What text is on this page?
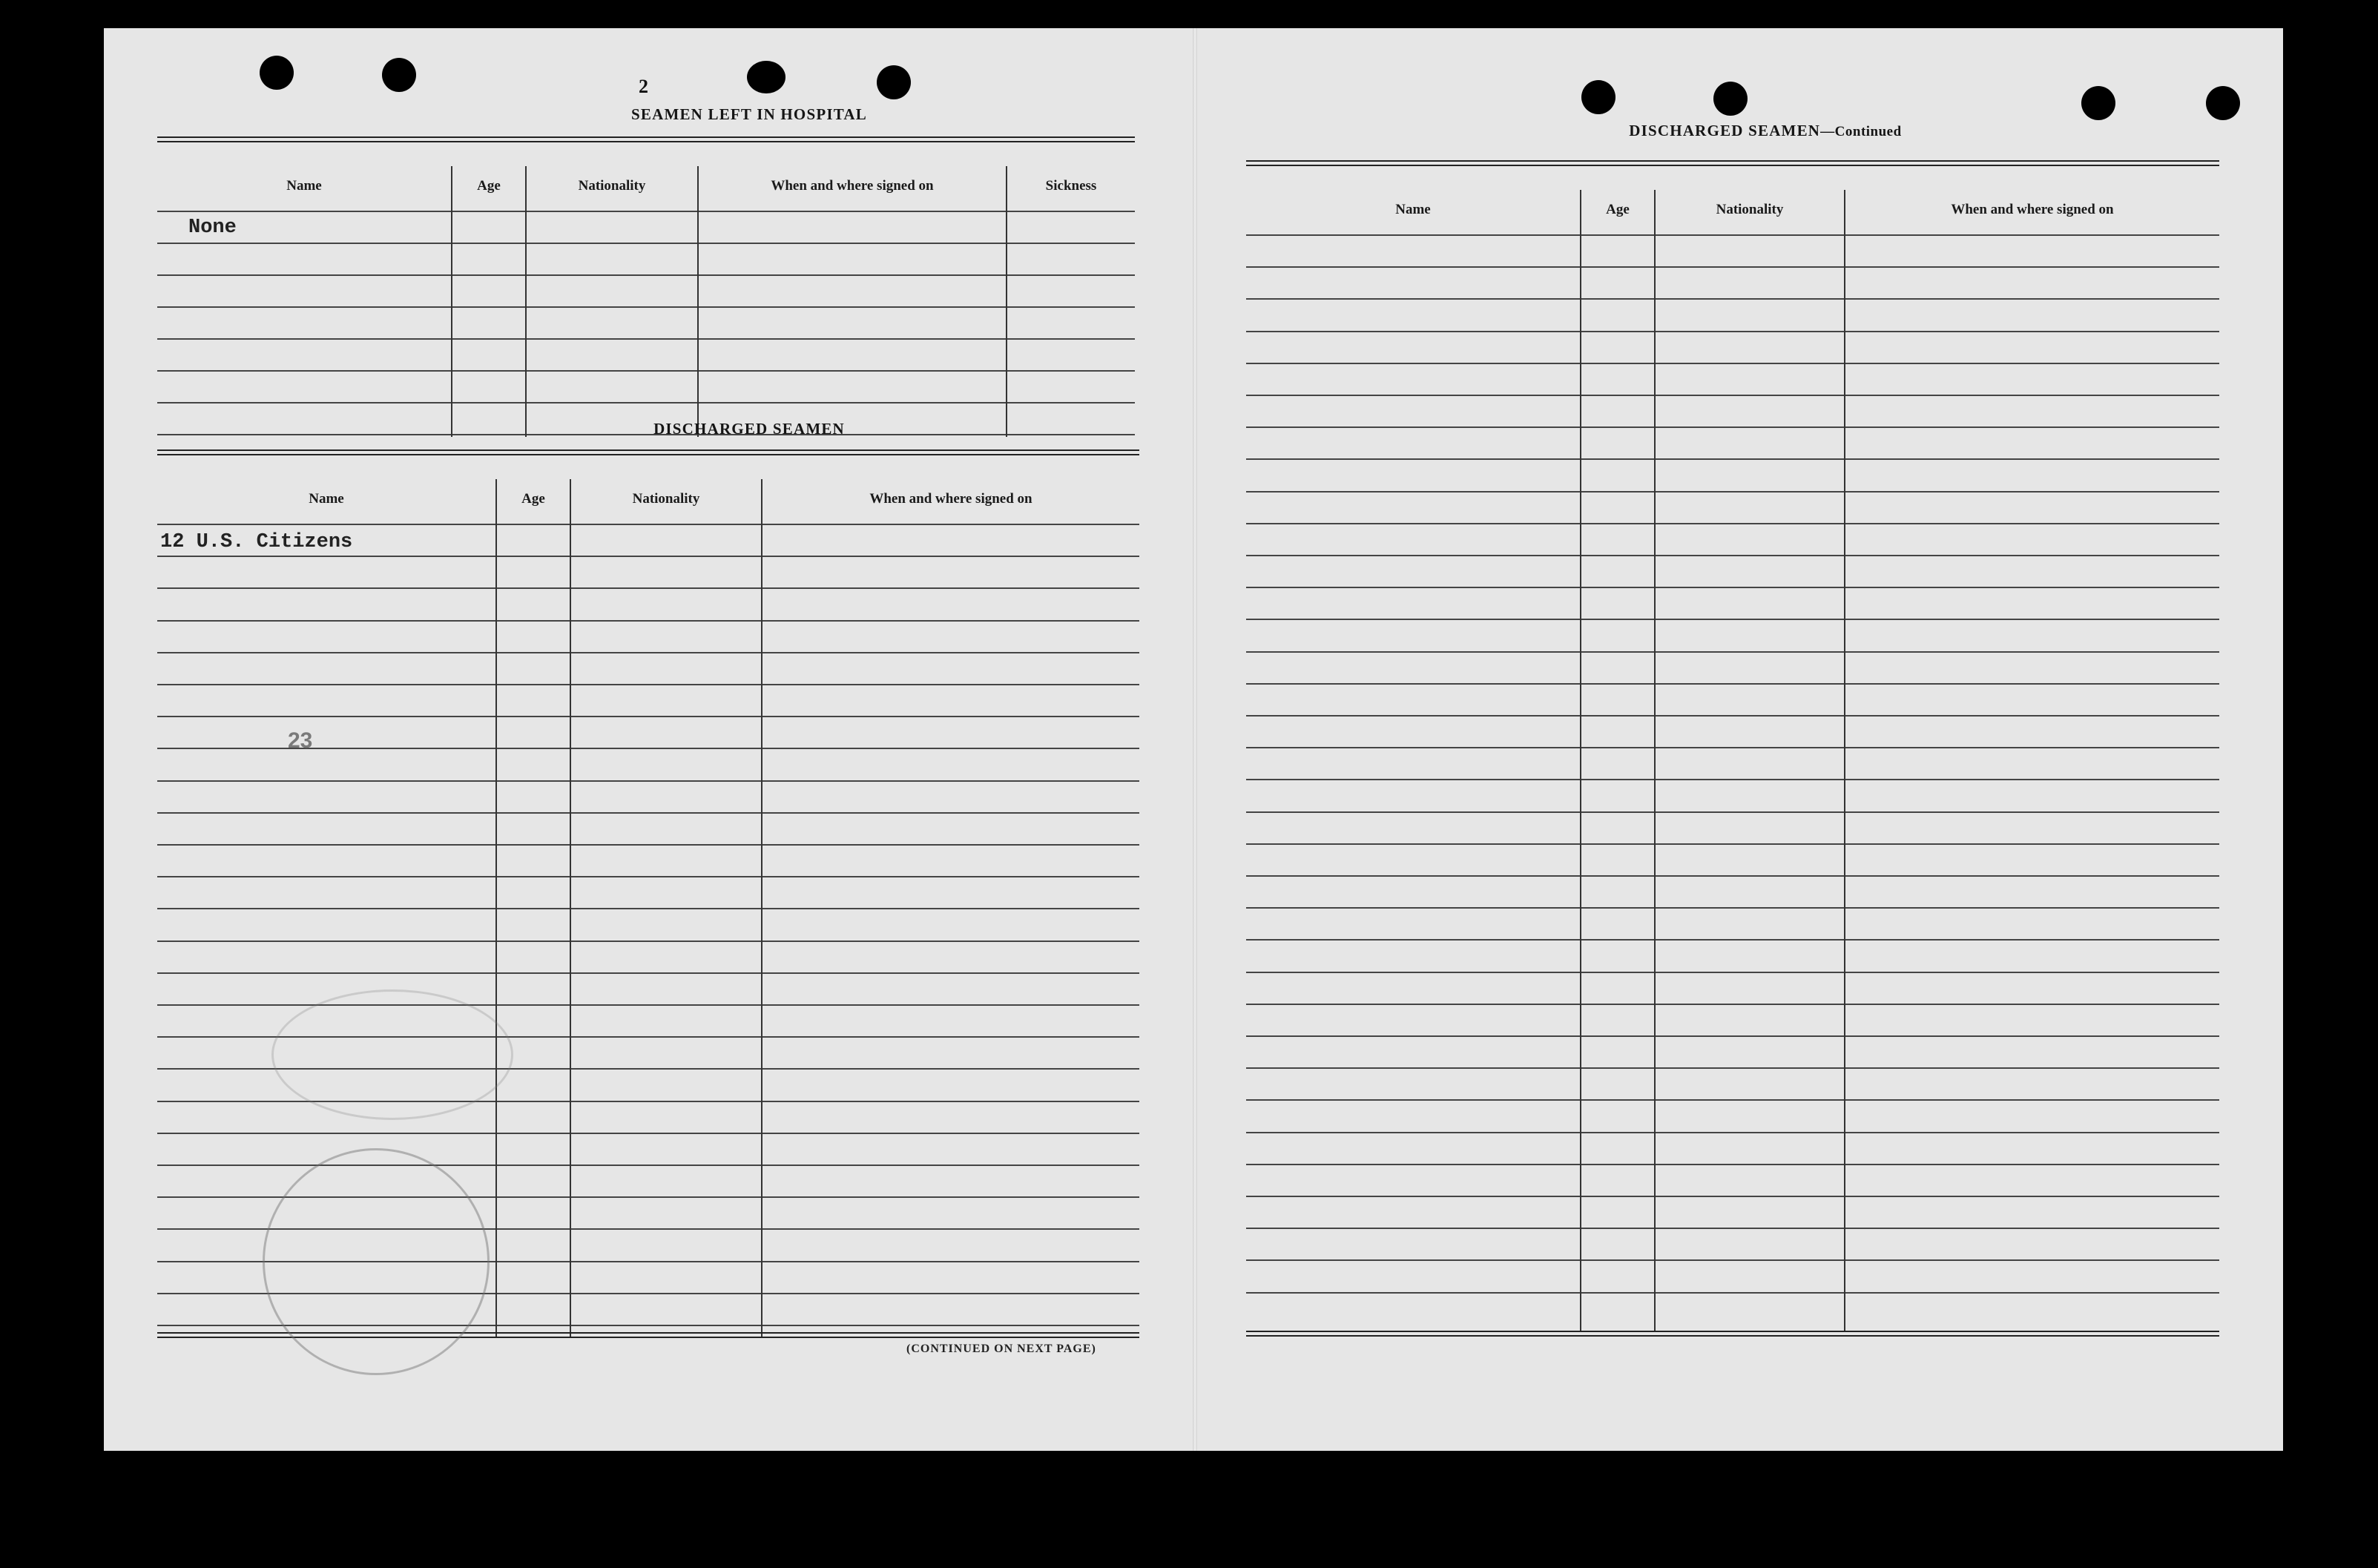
2
SEAMEN LEFT IN HOSPITAL
Name	Age	Nationality	When and where signed on	Sickness
None
DISCHARGED SEAMEN
Name	Age	Nationality	When and where signed on
12 U.S. Citizens
23
(CONTINUED ON NEXT PAGE)
DISCHARGED SEAMEN—Continued
Name	Age	Nationality	When and where signed on
